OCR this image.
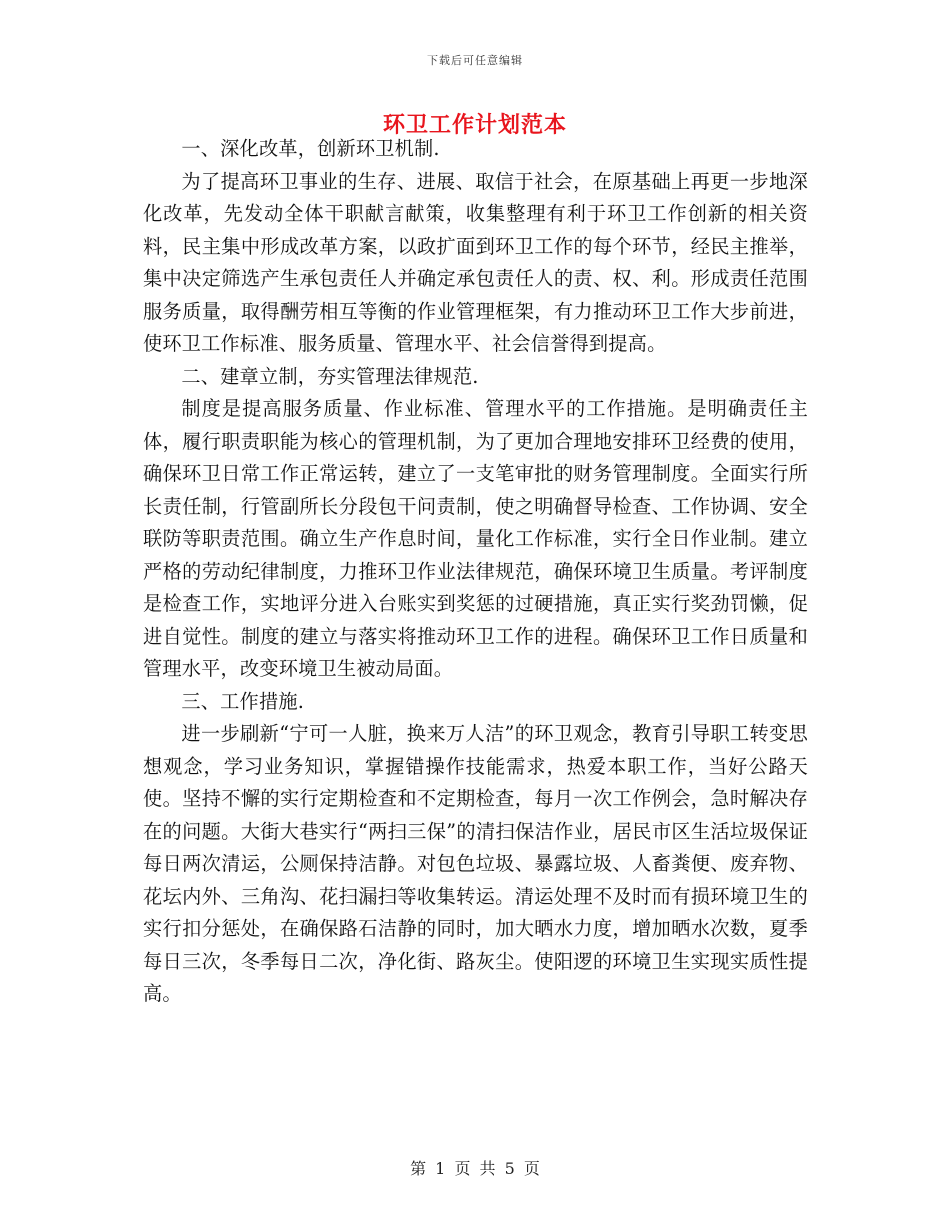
下载后可任意编辑
环卫工作计划范本

一、深化改革，创新环卫机制.

为了提高环卫事业的生存、进展、取信于社会，在原基础上再更一步地深化改革，先发动全体干职献言献策，收集整理有利于环卫工作创新的相关资料，民主集中形成改革方案，以政扩面到环卫工作的每个环节，经民主推举，集中决定筛选产生承包责任人并确定承包责任人的责、权、利。形成责任范围服务质量，取得酬劳相互等衡的作业管理框架，有力推动环卫工作大步前进，使环卫工作标准、服务质量、管理水平、社会信誉得到提高。

二、建章立制，夯实管理法律规范.

制度是提高服务质量、作业标准、管理水平的工作措施。是明确责任主体，履行职责职能为核心的管理机制，为了更加合理地安排环卫经费的使用，确保环卫日常工作正常运转，建立了一支笔审批的财务管理制度。全面实行所长责任制，行管副所长分段包干问责制，使之明确督导检查、工作协调、安全联防等职责范围。确立生产作息时间，量化工作标准，实行全日作业制。建立严格的劳动纪律制度，力推环卫作业法律规范，确保环境卫生质量。考评制度是检查工作，实地评分进入台账实到奖惩的过硬措施，真正实行奖劲罚懒，促进自觉性。制度的建立与落实将推动环卫工作的进程。确保环卫工作日质量和管理水平，改变环境卫生被动局面。

三、工作措施.

进一步刷新“宁可一人脏，换来万人洁”的环卫观念，教育引导职工转变思想观念，学习业务知识，掌握错操作技能需求，热爱本职工作，当好公路天使。坚持不懈的实行定期检查和不定期检查，每月一次工作例会，急时解决存在的问题。大街大巷实行“两扫三保”的清扫保洁作业，居民市区生活垃圾保证每日两次清运，公厕保持洁静。对包色垃圾、暴露垃圾、人畜粪便、废弃物、花坛内外、三角沟、花扫漏扫等收集转运。清运处理不及时而有损环境卫生的实行扣分惩处，在确保路石洁静的同时，加大晒水力度，增加晒水次数，夏季每日三次，冬季每日二次，净化街、路灰尘。使阳逻的环境卫生实现实质性提高。

第 1 页 共 5 页
